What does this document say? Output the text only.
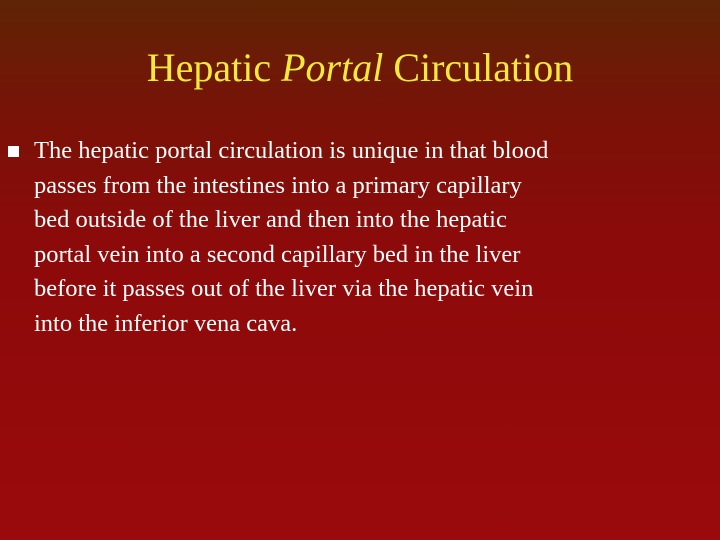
Hepatic Portal Circulation
The hepatic portal circulation is unique in that blood
passes from the intestines into a primary capillary
bed outside of the liver and then into the hepatic
portal vein into a second capillary bed in the liver
before it passes out of the liver via the hepatic vein
into the inferior vena cava.
